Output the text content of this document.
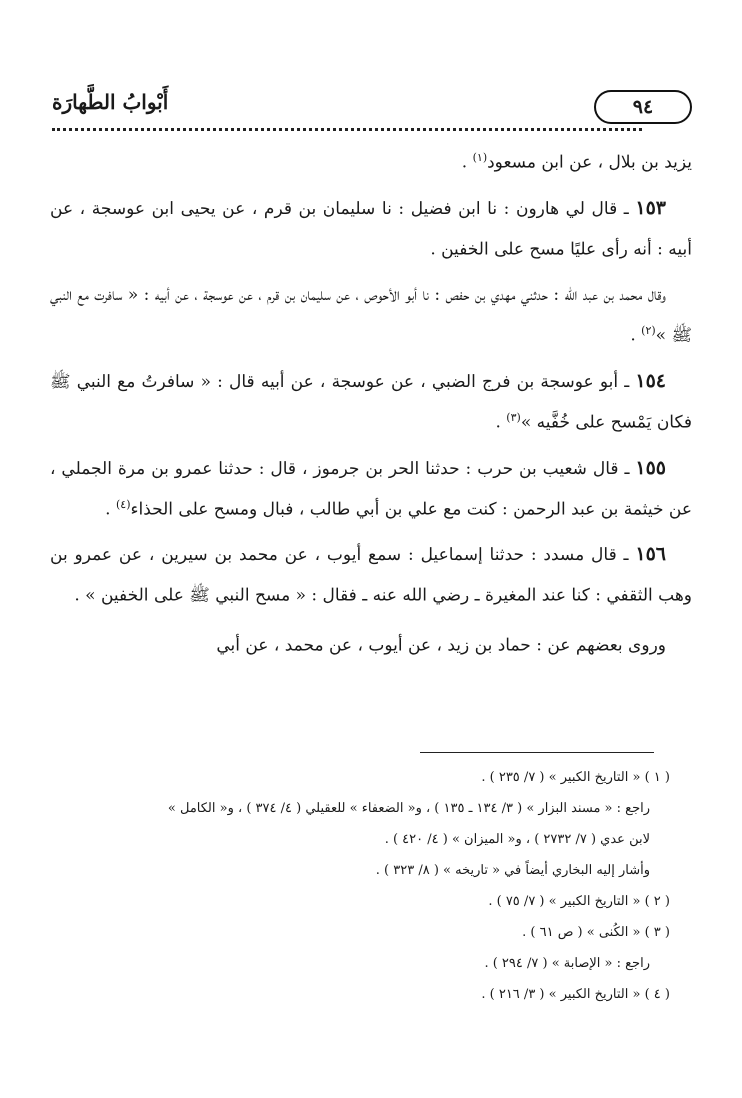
٩٤
أَبْوابُ الطَّهارَة

يزيد بن بلال ، عن ابن مسعود$^{(١)}$ .

١٥٣ ـ قال لي هارون : نا ابن فضيل : نا سليمان بن قرم ، عن يحيى ابن عوسجة ، عن أبيه : أنه رأى عليًا مسح على الخفين .

وقال محمد بن عبد الله : حدثني مهدي بن حفص : نا أبو الأحوص ، عن سليمان بن قرم ، عن عوسجة ، عن أبيه : « سافرت مع النبي ﷺ »$^{(٢)}$ .

١٥٤ ـ أبو عوسجة بن فرج الضبي ، عن عوسجة ، عن أبيه قال : « سافرتُ مع النبي ﷺ فكان يَمْسح على خُفَّيه »$^{(٣)}$ .

١٥٥ ـ قال شعيب بن حرب : حدثنا الحر بن جرموز ، قال : حدثنا عمرو بن مرة الجملي ، عن خيثمة بن عبد الرحمن : كنت مع علي بن أبي طالب ، فبال ومسح على الحذاء$^{(٤)}$ .

١٥٦ ـ قال مسدد : حدثنا إسماعيل : سمع أيوب ، عن محمد بن سيرين ، عن عمرو بن وهب الثقفي : كنا عند المغيرة ـ رضي الله عنه ـ فقال : « مسح النبي ﷺ على الخفين » .

وروى بعضهم عن : حماد بن زيد ، عن أيوب ، عن محمد ، عن أبي

( ١ ) « التاريخ الكبير » ( ٧/ ٢٣٥ ) .

راجع : « مسند البزار » ( ٣/ ١٣٤ ـ ١٣٥ ) ، و« الضعفاء » للعقيلي ( ٤/ ٣٧٤ ) ، و« الكامل »

لابن عدي ( ٧/ ٢٧٣٢ ) ، و« الميزان » ( ٤/ ٤٢٠ ) .

وأشار إليه البخاري أيضاً في « تاريخه » ( ٨/ ٣٢٣ ) .

( ٢ ) « التاريخ الكبير » ( ٧/ ٧٥ ) .

( ٣ ) « الكُنى » ( ص ٦١ ) .

راجع : « الإصابة » ( ٧/ ٢٩٤ ) .

( ٤ ) « التاريخ الكبير » ( ٣/ ٢١٦ ) .
